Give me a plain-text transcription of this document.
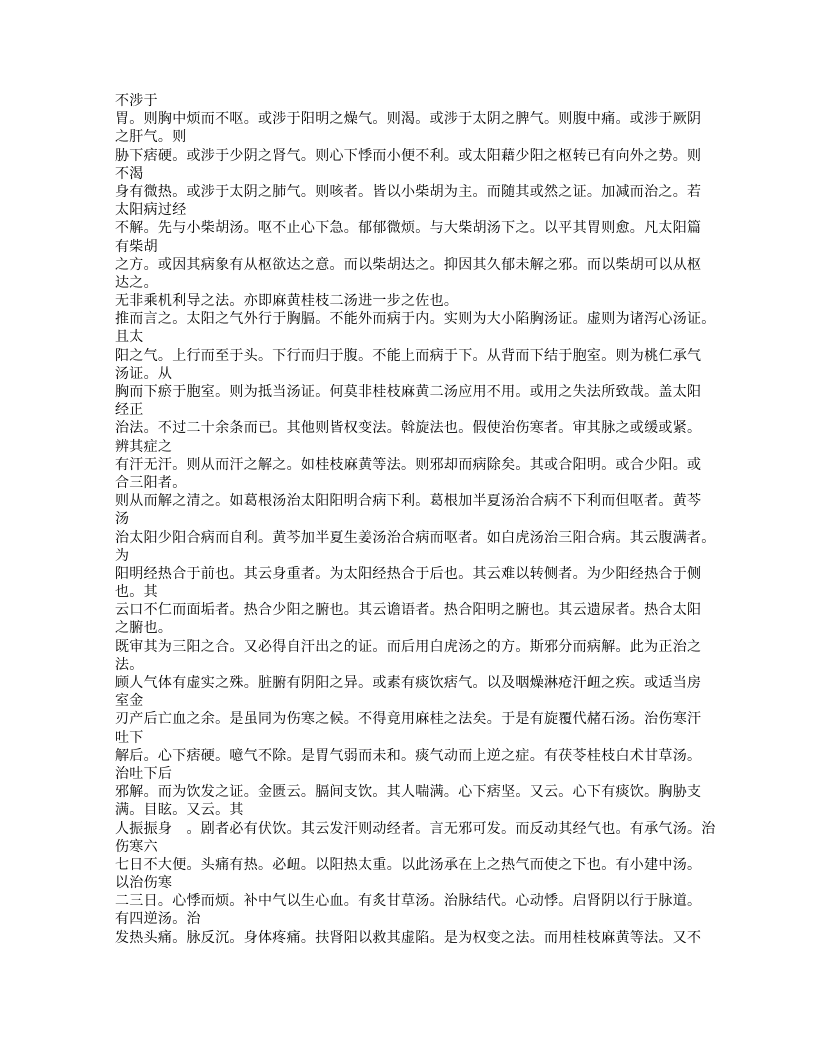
不涉于
胃。则胸中烦而不呕。或涉于阳明之燥气。则渴。或涉于太阴之脾气。则腹中痛。或涉于厥阴
之肝气。则
胁下痞硬。或涉于少阴之肾气。则心下悸而小便不利。或太阳藉少阳之枢转已有向外之势。则
不渴
身有微热。或涉于太阴之肺气。则咳者。皆以小柴胡为主。而随其或然之证。加减而治之。若
太阳病过经
不解。先与小柴胡汤。呕不止心下急。郁郁微烦。与大柴胡汤下之。以平其胃则愈。凡太阳篇
有柴胡
之方。或因其病象有从枢欲达之意。而以柴胡达之。抑因其久郁未解之邪。而以柴胡可以从枢
达之。
无非乘机利导之法。亦即麻黄桂枝二汤进一步之佐也。
推而言之。太阳之气外行于胸膈。不能外而病于内。实则为大小陷胸汤证。虚则为诸泻心汤证。
且太
阳之气。上行而至于头。下行而归于腹。不能上而病于下。从背而下结于胞室。则为桃仁承气
汤证。从
胸而下瘀于胞室。则为抵当汤证。何莫非桂枝麻黄二汤应用不用。或用之失法所致哉。盖太阳
经正
治法。不过二十余条而已。其他则皆权变法。斡旋法也。假使治伤寒者。审其脉之或缓或紧。
辨其症之
有汗无汗。则从而汗之解之。如桂枝麻黄等法。则邪却而病除矣。其或合阳明。或合少阳。或
合三阳者。
则从而解之清之。如葛根汤治太阳阳明合病下利。葛根加半夏汤治合病不下利而但呕者。黄芩
汤
治太阳少阳合病而自利。黄芩加半夏生姜汤治合病而呕者。如白虎汤治三阳合病。其云腹满者。
为
阳明经热合于前也。其云身重者。为太阳经热合于后也。其云难以转侧者。为少阳经热合于侧
也。其
云口不仁而面垢者。热合少阳之腑也。其云谵语者。热合阳明之腑也。其云遗尿者。热合太阳
之腑也。
既审其为三阳之合。又必得自汗出之的证。而后用白虎汤之的方。斯邪分而病解。此为正治之
法。
顾人气体有虚实之殊。脏腑有阴阳之异。或素有痰饮痞气。以及咽燥淋疮汗衄之疾。或适当房
室金
刃产后亡血之余。是虽同为伤寒之候。不得竟用麻桂之法矣。于是有旋覆代赭石汤。治伤寒汗
吐下
解后。心下痞硬。噫气不除。是胃气弱而未和。痰气动而上逆之症。有茯苓桂枝白术甘草汤。
治吐下后
邪解。而为饮发之证。金匮云。膈间支饮。其人喘满。心下痞坚。又云。心下有痰饮。胸胁支
满。目眩。又云。其
人振振身　。剧者必有伏饮。其云发汗则动经者。言无邪可发。而反动其经气也。有承气汤。治
伤寒六
七日不大便。头痛有热。必衄。以阳热太重。以此汤承在上之热气而使之下也。有小建中汤。
以治伤寒
二三日。心悸而烦。补中气以生心血。有炙甘草汤。治脉结代。心动悸。启肾阴以行于脉道。
有四逆汤。治
发热头痛。脉反沉。身体疼痛。扶肾阳以救其虚陷。是为权变之法。而用桂枝麻黄等法。又不
